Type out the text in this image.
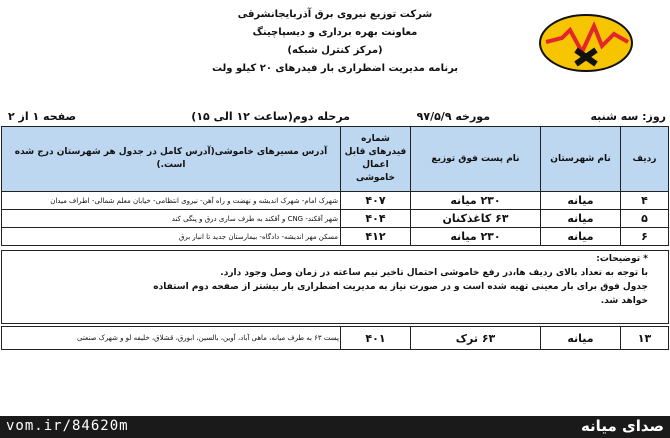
شرکت توزیع نیروی برق آذربایجانشرقی
معاونت بهره برداری و دیسپاچینگ
(مرکز کنترل شبکه)
برنامه مدیریت اضطراری بار فیدرهای ۲۰ کیلو ولت
روز: سه شنبه
مورخه ۹۷/۵/۹
مرحله دوم(ساعت ۱۲ الی ۱۵)
صفحه ۱ از ۲
ردیف	نام شهرستان	نام پست فوق توزیع	شماره فیدرهای قابل اعمال خاموشی	آدرس مسیرهای خاموشی(آدرس کامل در جدول هر شهرستان درج شده است.)
۴	میانه	۲۳۰ میانه	۴۰۷	شهرک امام- شهرک اندیشه و نهضت و راه آهن- نیروی انتظامی- خیابان معلم شمالی- اطراف میدان
۵	میانه	۶۳ کاغذکنان	۴۰۴	شهر آقکند- CNG و آقکند به طرف ساری درق و پنگی کند
۶	میانه	۲۳۰ میانه	۴۱۲	مسکن مهر اندیشه- دادگاه- بیمارستان جدید تا انبار برق
* توضیحات:
با توجه به تعداد بالای ردیف ها،در رفع خاموشی احتمال تاخیر نیم ساعته در زمان وصل وجود دارد.
جدول فوق برای بار معینی تهیه شده است و در صورت نیاز به مدیریت اضطراری بار بیشتر از صفحه دوم استفاده
خواهد شد.
۱۳	میانه	۶۳ ترک	۴۰۱	پست ۶۳ به طرف میانه، ماهی آباد، آوین، بالسین، ابورق، قشلاق، خلیفه لو و شهرک صنعتی
vom.ir/84620m	صدای میانه
